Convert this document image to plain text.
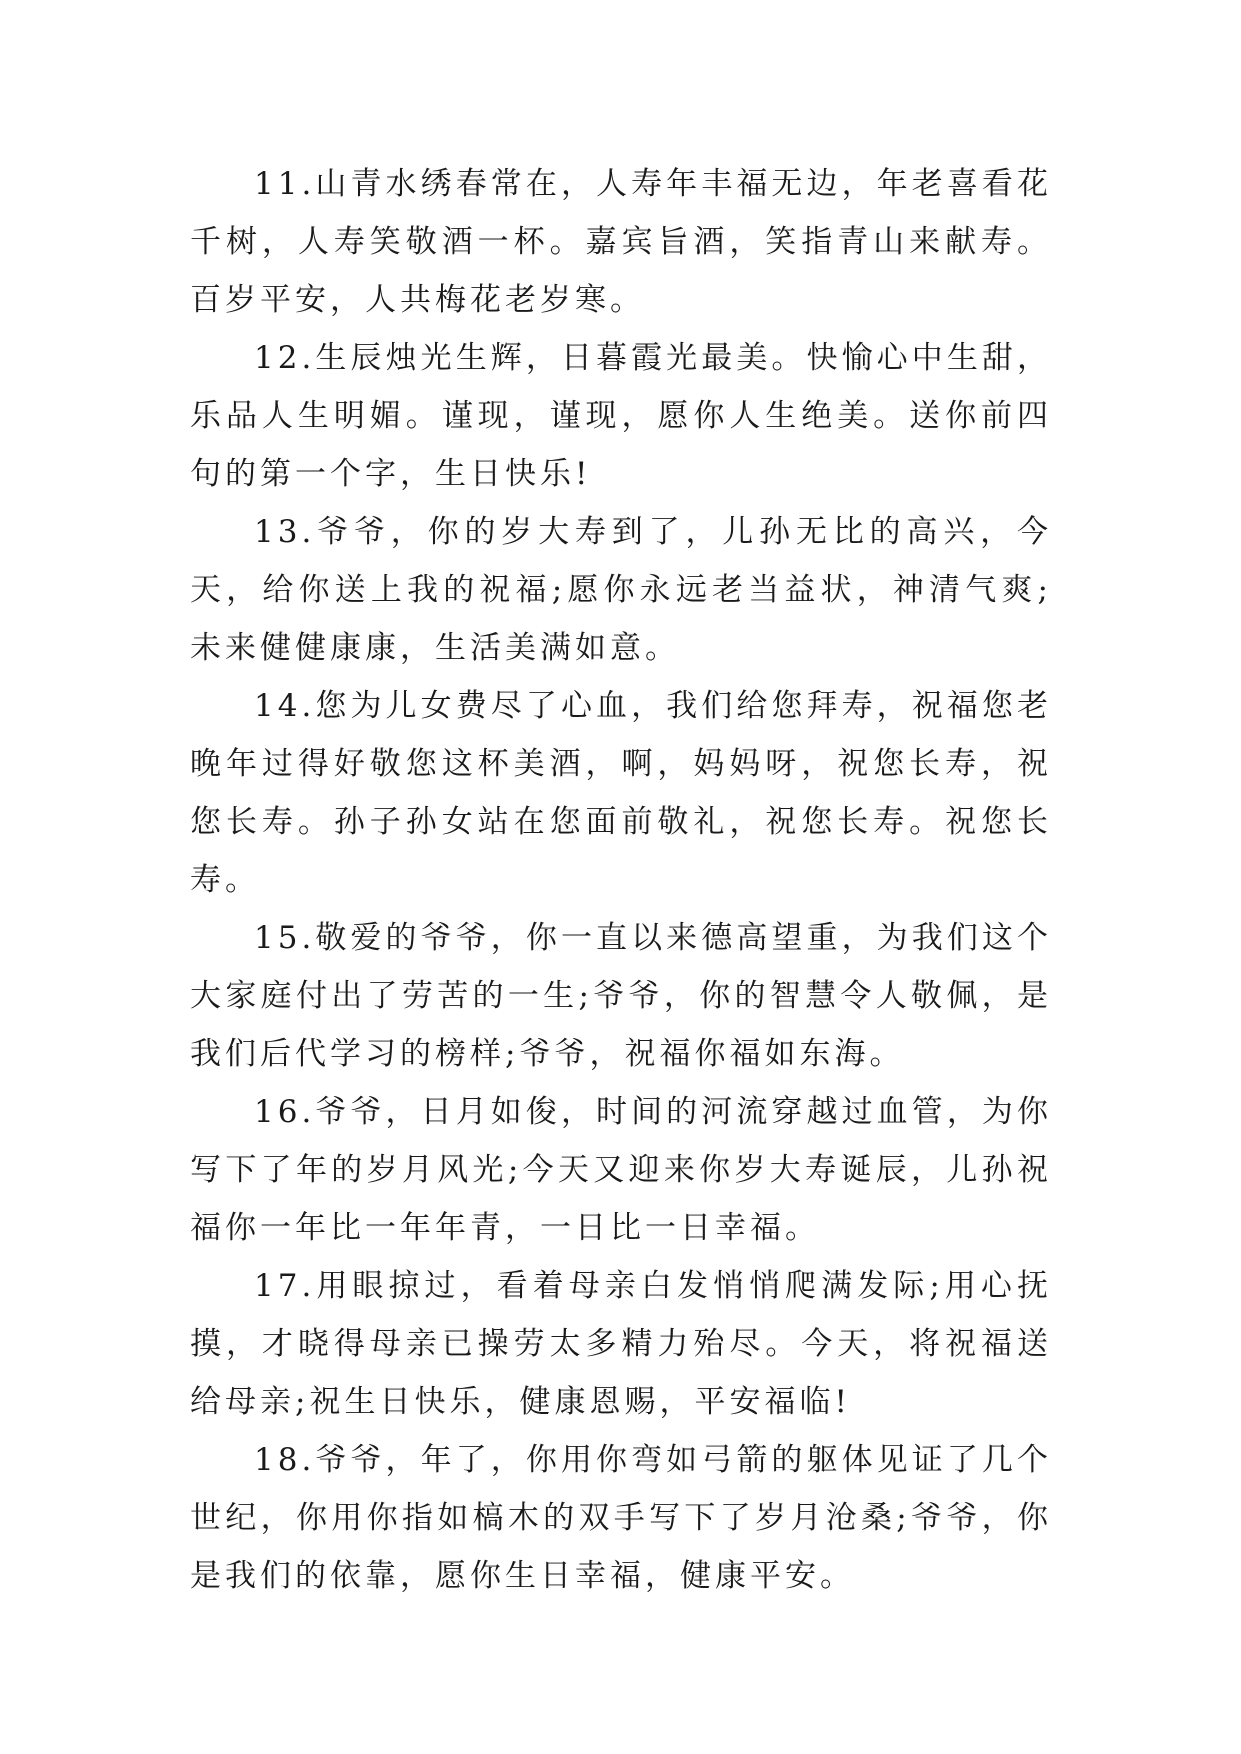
11.山青水绣春常在，人寿年丰福无边，年老喜看花千树，人寿笑敬酒一杯。嘉宾旨酒，笑指青山来献寿。百岁平安，人共梅花老岁寒。

12.生辰烛光生辉，日暮霞光最美。快愉心中生甜，乐品人生明媚。谨现，谨现，愿你人生绝美。送你前四句的第一个字，生日快乐!

13.爷爷，你的岁大寿到了，儿孙无比的高兴，今天，给你送上我的祝福;愿你永远老当益状，神清气爽;未来健健康康，生活美满如意。

14.您为儿女费尽了心血，我们给您拜寿，祝福您老晚年过得好敬您这杯美酒，啊，妈妈呀，祝您长寿，祝您长寿。孙子孙女站在您面前敬礼，祝您长寿。祝您长寿。

15.敬爱的爷爷，你一直以来德高望重，为我们这个大家庭付出了劳苦的一生;爷爷，你的智慧令人敬佩，是我们后代学习的榜样;爷爷，祝福你福如东海。

16.爷爷，日月如俊，时间的河流穿越过血管，为你写下了年的岁月风光;今天又迎来你岁大寿诞辰，儿孙祝福你一年比一年年青，一日比一日幸福。

17.用眼掠过，看着母亲白发悄悄爬满发际;用心抚摸，才晓得母亲已操劳太多精力殆尽。今天，将祝福送给母亲;祝生日快乐，健康恩赐，平安福临!

18.爷爷，年了，你用你弯如弓箭的躯体见证了几个世纪，你用你指如槁木的双手写下了岁月沧桑;爷爷，你是我们的依靠，愿你生日幸福，健康平安。
